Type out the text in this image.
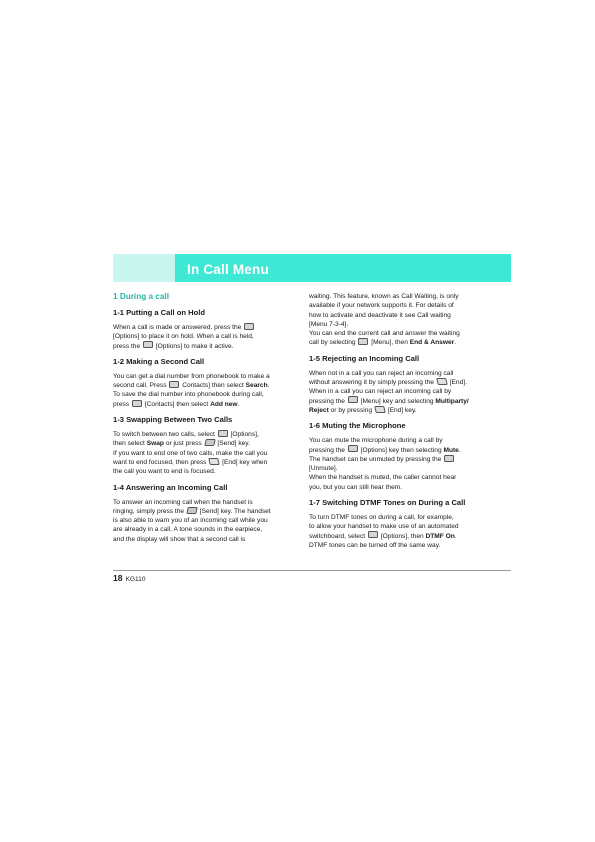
In Call Menu
1 During a call
1-1 Putting a Call on Hold

When a call is made or answered, press the

[Options] to place it on hold. When a call is held,

press the [Options] to make it active.

1-2 Making a Second Call

You can get a dial number from phonebook to make a

second call. Press Contacts] then select Search.

To save the dial number into phonebook during call,

press [Contacts] then select Add new.

1-3 Swapping Between Two Calls

To switch between two calls, select [Options],

then select Swap or just press [Send] key.

If you want to end one of two calls, make the call you

want to end focused, then press [End] key when

the call you want to end is focused.

1-4 Answering an Incoming Call

To answer an incoming call when the handset is

ringing, simply press the [Send] key. The handset

is also able to warn you of an incoming call while you

are already in a call. A tone sounds in the earpiece,

and the display will show that a second call is

waiting. This feature, known as Call Waiting, is only

available if your network supports it. For details of

how to activate and deactivate it see Call waiting

[Menu 7-3-4].

You can end the current call and answer the waiting

call by selecting [Menu], then End & Answer.

1-5 Rejecting an Incoming Call

When not in a call you can reject an incoming call

without answering it by simply pressing the [End].

When in a call you can reject an incoming call by

pressing the [Menu] key and selecting Multiparty/

Reject or by pressing [End] key.

1-6 Muting the Microphone

You can mute the microphone during a call by

pressing the [Options] key then selecting Mute.

The handset can be unmuted by pressing the

[Unmute].

When the handset is muted, the caller cannot hear

you, but you can still hear them.

1-7 Switching DTMF Tones on During a Call

To turn DTMF tones on during a call, for example,

to allow your handset to make use of an automated

switchboard, select [Options], then DTMF On.

DTMF tones can be turned off the same way.

18 KG110
